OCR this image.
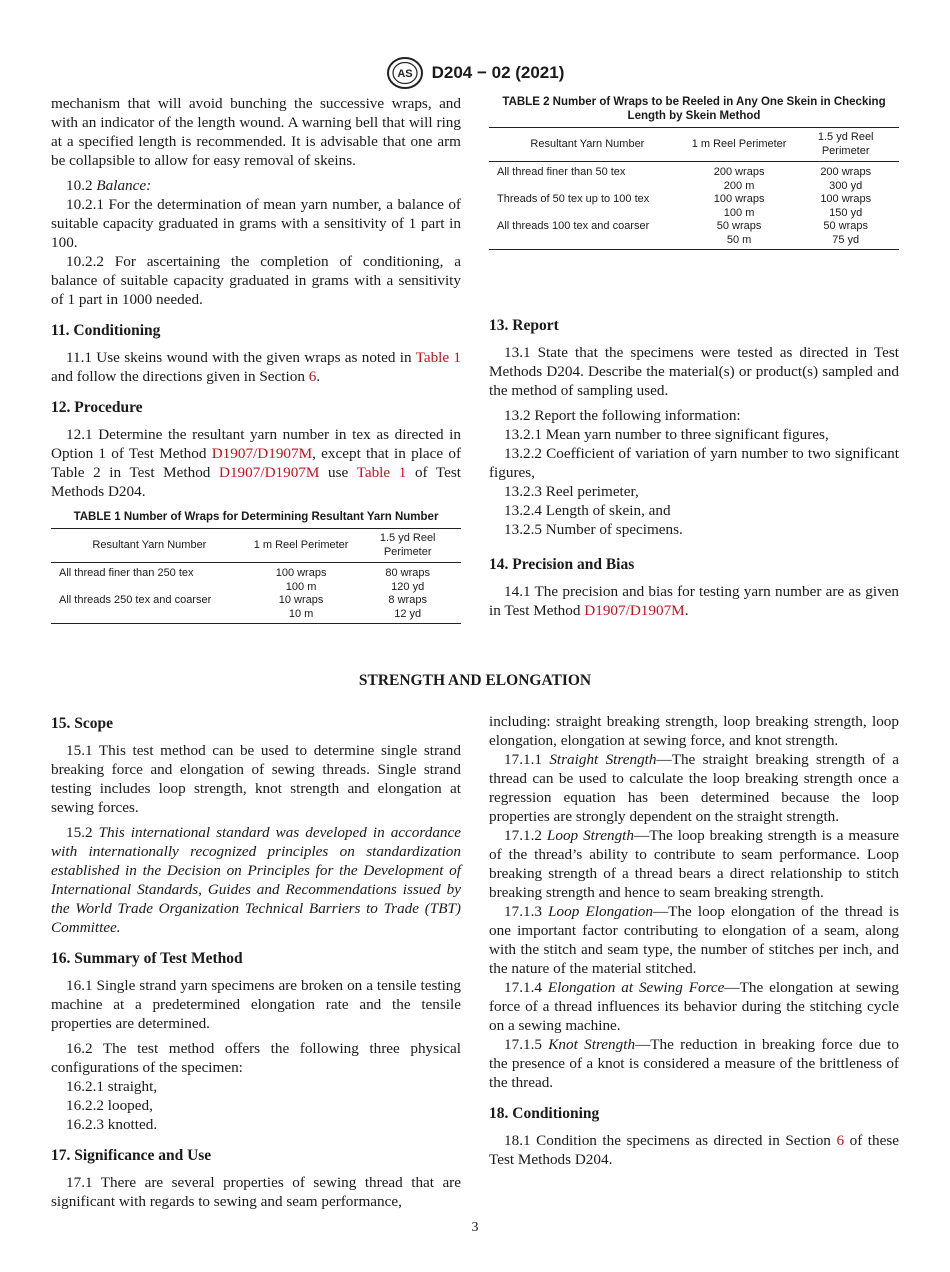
AS D204 − 02 (2021)

mechanism that will avoid bunching the successive wraps, and with an indicator of the length wound. A warning bell that will ring at a specified length is recommended. It is advisable that one arm be collapsible to allow for easy removal of skeins.

10.2 Balance:

10.2.1 For the determination of mean yarn number, a balance of suitable capacity graduated in grams with a sensitivity of 1 part in 100.

10.2.2 For ascertaining the completion of conditioning, a balance of suitable capacity graduated in grams with a sensitivity of 1 part in 1000 needed.

11. Conditioning

11.1 Use skeins wound with the given wraps as noted in Table 1 and follow the directions given in Section 6.

12. Procedure

12.1 Determine the resultant yarn number in tex as directed in Option 1 of Test Method D1907/D1907M, except that in place of Table 2 in Test Method D1907/D1907M use Table 1 of Test Methods D204.

TABLE 1 Number of Wraps for Determining Resultant Yarn Number

Resultant Yarn Number	1 m Reel Perimeter	1.5 yd Reel Perimeter
All thread finer than 250 tex	100 wraps	80 wraps
	100 m	120 yd
All threads 250 tex and coarser	10 wraps	8 wraps
	10 m	12 yd

TABLE 2 Number of Wraps to be Reeled in Any One Skein in Checking Length by Skein Method

Resultant Yarn Number	1 m Reel Perimeter	1.5 yd Reel Perimeter
All thread finer than 50 tex	200 wraps	200 wraps
	200 m	300 yd
Threads of 50 tex up to 100 tex	100 wraps	100 wraps
	100 m	150 yd
All threads 100 tex and coarser	50 wraps	50 wraps
	50 m	75 yd
13. Report

13.1 State that the specimens were tested as directed in Test Methods D204. Describe the material(s) or product(s) sampled and the method of sampling used.

13.2 Report the following information:

13.2.1 Mean yarn number to three significant figures,

13.2.2 Coefficient of variation of yarn number to two significant figures,

13.2.3 Reel perimeter,

13.2.4 Length of skein, and

13.2.5 Number of specimens.

14. Precision and Bias

14.1 The precision and bias for testing yarn number are as given in Test Method D1907/D1907M.

STRENGTH AND ELONGATION
15. Scope

15.1 This test method can be used to determine single strand breaking force and elongation of sewing threads. Single strand testing includes loop strength, knot strength and elongation at sewing forces.

15.2 This international standard was developed in accordance with internationally recognized principles on standardization established in the Decision on Principles for the Development of International Standards, Guides and Recommendations issued by the World Trade Organization Technical Barriers to Trade (TBT) Committee.

16. Summary of Test Method

16.1 Single strand yarn specimens are broken on a tensile testing machine at a predetermined elongation rate and the tensile properties are determined.

16.2 The test method offers the following three physical configurations of the specimen:

16.2.1 straight,

16.2.2 looped,

16.2.3 knotted.

17. Significance and Use

17.1 There are several properties of sewing thread that are significant with regards to sewing and seam performance,

including: straight breaking strength, loop breaking strength, loop elongation, elongation at sewing force, and knot strength.

17.1.1 Straight Strength—The straight breaking strength of a thread can be used to calculate the loop breaking strength once a regression equation has been determined because the loop properties are strongly dependent on the straight strength.

17.1.2 Loop Strength—The loop breaking strength is a measure of the thread’s ability to contribute to seam performance. Loop breaking strength of a thread bears a direct relationship to stitch breaking strength and hence to seam breaking strength.

17.1.3 Loop Elongation—The loop elongation of the thread is one important factor contributing to elongation of a seam, along with the stitch and seam type, the number of stitches per inch, and the nature of the material stitched.

17.1.4 Elongation at Sewing Force—The elongation at sewing force of a thread influences its behavior during the stitching cycle on a sewing machine.

17.1.5 Knot Strength—The reduction in breaking force due to the presence of a knot is considered a measure of the brittleness of the thread.

18. Conditioning

18.1 Condition the specimens as directed in Section 6 of these Test Methods D204.

3
